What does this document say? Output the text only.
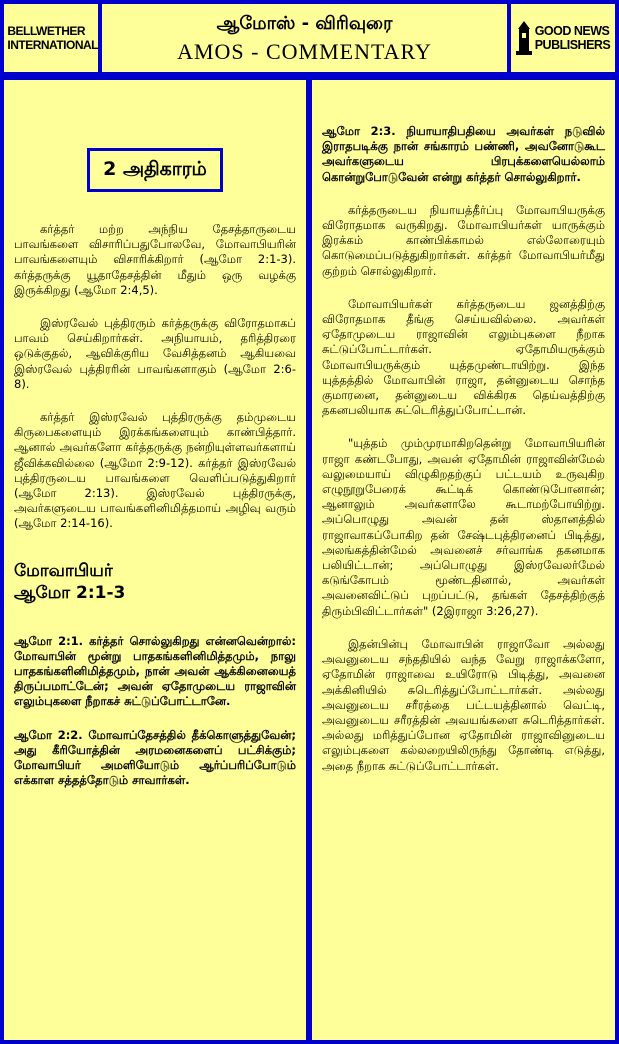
BELLWETHER
INTERNATIONAL
ஆமோஸ் - விரிவுரை
AMOS - COMMENTARY
GOOD NEWS
PUBLISHERS
2 அதிகாரம்

கர்த்தர் மற்ற அந்நிய தேசத்தாருடைய பாவங்களை விசாரிப்பதுபோலவே, மோவாபியரின் பாவங்களையும் விசாரிக்கிறார் (ஆமோ 2:1-3). கர்த்தருக்கு யூதாதேசத்தின் மீதும் ஒரு வழக்கு இருக்கிறது (ஆமோ 2:4,5).

இஸ்ரவேல் புத்திரரும் கர்த்தருக்கு விரோதமாகப் பாவம் செய்கிறார்கள். அநியாயம், தரித்திரரை ஒடுக்குதல், ஆவிக்குரிய வேசித்தனம் ஆகியவை இஸ்ரவேல் புத்திரரின் பாவங்களாகும் (ஆமோ 2:6-8).

கர்த்தர் இஸ்ரவேல் புத்திரருக்கு தம்முடைய கிருபைகளையும் இரக்கங்களையும் காண்பித்தார். ஆனால் அவர்களோ கர்த்தருக்கு நன்றியுள்ளவர்களாய் ஜீவிக்கவில்லை (ஆமோ 2:9-12). கர்த்தர் இஸ்ரவேல் புத்திரருடைய பாவங்களை வெளிப்படுத்துகிறார் (ஆமோ 2:13). இஸ்ரவேல் புத்திரருக்கு, அவர்களுடைய பாவங்களினிமித்தமாய் அழிவு வரும் (ஆமோ 2:14-16).

மோவாபியர்
ஆமோ 2:1-3

ஆமோ 2:1. கர்த்தர் சொல்லுகிறது என்னவென்றால்: மோவாபின் மூன்று பாதகங்களினிமித்தமும், நாலு பாதகங்களினிமித்தமும், நான் அவன் ஆக்கினையைத் திருப்பமாட்டேன்; அவன் ஏதோமுடைய ராஜாவின் எலும்புகளை நீறாகச் சுட்டுப்போட்டானே.

ஆமோ 2:2. மோவாப்தேசத்தில் தீக்கொளுத்துவேன்; அது கீரியோத்தின் அரமனைகளைப் பட்சிக்கும்; மோவாபியர் அமளியோடும் ஆர்ப்பரிப்போடும் எக்காள சத்தத்தோடும் சாவார்கள்.

ஆமோ 2:3. நியாயாதிபதியை அவர்கள் நடுவில் இராதபடிக்கு நான் சங்காரம் பண்ணி, அவனோடுகூட அவர்களுடைய பிரபுக்களையெல்லாம் கொன்றுபோடுவேன் என்று கர்த்தர் சொல்லுகிறார்.

கர்த்தருடைய நியாயத்தீர்ப்பு மோவாபியருக்கு விரோதமாக வருகிறது. மோவாபியர்கள் யாருக்கும் இரக்கம் காண்பிக்காமல் எல்லோரையும் கொடுமைப்படுத்துகிறார்கள். கர்த்தர் மோவாபியர்மீது குற்றம் சொல்லுகிறார்.

மோவாபியர்கள் கர்த்தருடைய ஜனத்திற்கு விரோதமாக தீங்கு செய்யவில்லை. அவர்கள் ஏதோமுடைய ராஜாவின் எலும்புகளை நீறாக சுட்டுப்போட்டார்கள். ஏதோமியருக்கும் மோவாபியருக்கும் யுத்தமுண்டாயிற்று. இந்த யுத்தத்தில் மோவாபின் ராஜா, தன்னுடைய சொந்த குமாரனை, தன்னுடைய விக்கிரக தெய்வத்திற்கு தகனபலியாக சுட்டெரித்துப்போட்டான்.

"யுத்தம் மும்முரமாகிறதென்று மோவாபியரின் ராஜா கண்டபோது, அவன் ஏதோமின் ராஜாவின்மேல் வலுமையாய் விழுகிறதற்குப் பட்டயம் உருவுகிற எழுநூறுபேரைக் கூட்டிக் கொண்டுபோனான்; ஆனாலும் அவர்களாலே கூடாமற்போயிற்று. அப்பொழுது அவன் தன் ஸ்தானத்தில் ராஜாவாகப்போகிற தன் சேஷ்டபுத்திரனைப் பிடித்து, அலங்கத்தின்மேல் அவனைச் சர்வாங்க தகனமாக பலியிட்டான்; அப்பொழுது இஸ்ரவேலர்மேல் கடுங்கோபம் மூண்டதினால், அவர்கள் அவனைவிட்டுப் புறப்பட்டு, தங்கள் தேசத்திற்குத் திரும்பிவிட்டார்கள்" (2இராஜா 3:26,27).

இதன்பின்பு மோவாபின் ராஜாவோ அல்லது அவனுடைய சந்ததியில் வந்த வேறு ராஜாக்களோ, ஏதோமின் ராஜாவை உயிரோடு பிடித்து, அவனை அக்கினியில் சுடெரித்துப்போட்டார்கள். அல்லது அவனுடைய சரீரத்தை பட்டயத்தினால் வெட்டி, அவனுடைய சரீரத்தின் அவயங்களை சுடெரித்தார்கள். அல்லது மரித்துப்போன ஏதோமின் ராஜாவினுடைய எலும்புகளை கல்லறையிலிருந்து தோண்டி எடுத்து, அதை நீறாக சுட்டுப்போட்டார்கள்.
